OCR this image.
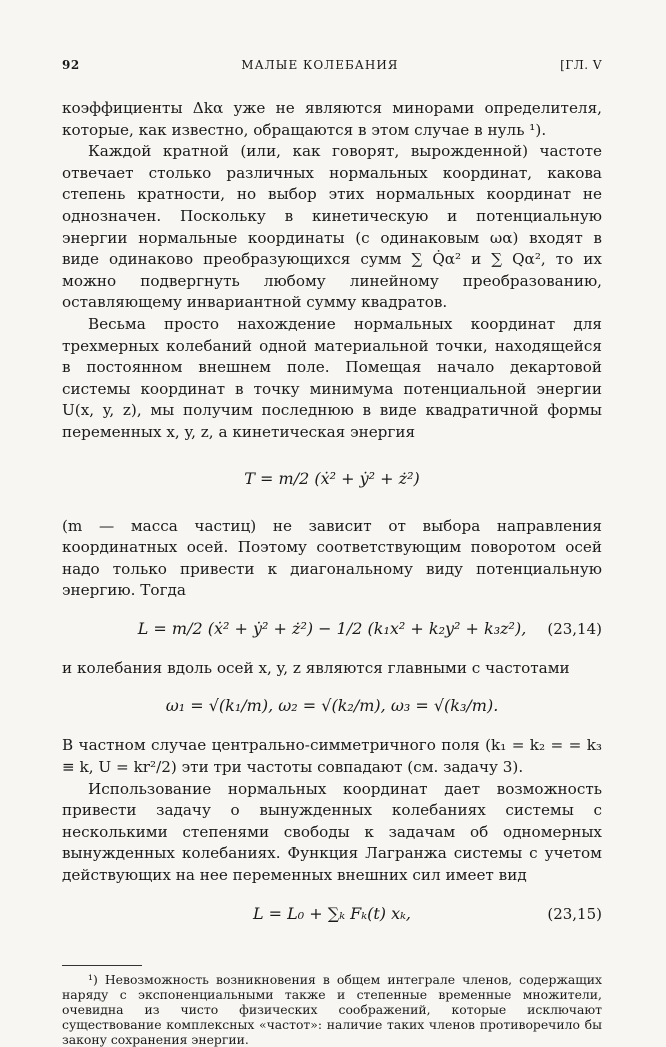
92	МАЛЫЕ КОЛЕБАНИЯ	[ГЛ. V

коэффициенты Δkα уже не являются минорами определителя, которые, как известно, обращаются в этом случае в нуль ¹).

Каждой кратной (или, как говорят, вырожденной) частоте отвечает столько различных нормальных координат, какова степень кратности, но выбор этих нормальных координат не однозначен. Поскольку в кинетическую и потенциальную энергии нормальные координаты (с одинаковым ωα) входят в виде одинаково преобразующихся сумм ∑ Q̇α² и ∑ Qα², то их можно подвергнуть любому линейному преобразованию, оставляющему инвариантной сумму квадратов.

Весьма просто нахождение нормальных координат для трехмерных колебаний одной материальной точки, находящейся в постоянном внешнем поле. Помещая начало декартовой системы координат в точку минимума потенциальной энергии U(x, y, z), мы получим последнюю в виде квадратичной формы переменных x, y, z, а кинетическая энергия

T = m/2 (ẋ² + ẏ² + ż²)

(m — масса частиц) не зависит от выбора направления координатных осей. Поэтому соответствующим поворотом осей надо только привести к диагональному виду потенциальную энергию. Тогда

L = m/2 (ẋ² + ẏ² + ż²) − 1/2 (k₁x² + k₂y² + k₃z²), (23,14)

и колебания вдоль осей x, y, z являются главными с частотами

ω₁ = √(k₁/m), ω₂ = √(k₂/m), ω₃ = √(k₃/m).

В частном случае центрально-симметричного поля (k₁ = k₂ = = k₃ ≡ k, U = kr²/2) эти три частоты совпадают (см. задачу 3).

Использование нормальных координат дает возможность привести задачу о вынужденных колебаниях системы с несколькими степенями свободы к задачам об одномерных вынужденных колебаниях. Функция Лагранжа системы с учетом действующих на нее переменных внешних сил имеет вид

L = L₀ + ∑ₖ Fₖ(t) xₖ,	(23,15)

¹) Невозможность возникновения в общем интеграле членов, содержащих наряду с экспоненциальными также и степенные временные множители, очевидна из чисто физических соображений, которые исключают существование комплексных «частот»: наличие таких членов противоречило бы закону сохранения энергии.
